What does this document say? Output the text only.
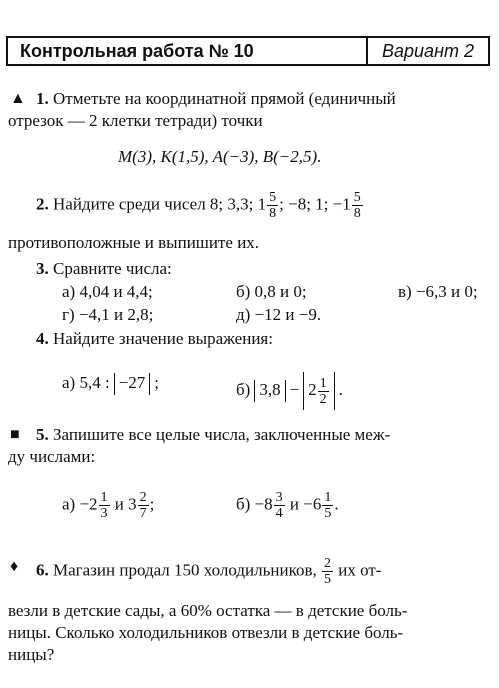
Контрольная работа № 10	Вариант 2
▲ 1. Отметьте на координатной прямой (единичный
отрезок — 2 клетки тетради) точки
M(3), K(1,5), A(−3), B(−2,5).
2. Найдите среди чисел 8; 3,3; $1 \frac{5}{8}$ ; −8; 1; $-1 \frac{5}{8}$
противоположные и выпишите их.
3. Сравните числа:
а) 4,04 и 4,4;	б) 0,8 и 0;	в) −6,3 и 0;
г) −4,1 и 2,8;	д) −12 и −9.
4. Найдите значение выражения:
а) 5,4 : −27 ;	б) $3,8 - 2 \frac{1}{2}$ .
■ 5. Запишите все целые числа, заключенные меж-
ду числами:
$а) -2 \frac{1}{3}$ и $3 \frac{2}{7}$ ;	$б) -8 \frac{3}{4}$ $и -6 \frac{1}{5}$ .
♦ 6. Магазин продал 150 холодильников, $\frac{2}{5}$ их от-
везли в детские сады, а 60% остатка — в детские боль-
ницы. Сколько холодильников отвезли в детские боль-
ницы?
